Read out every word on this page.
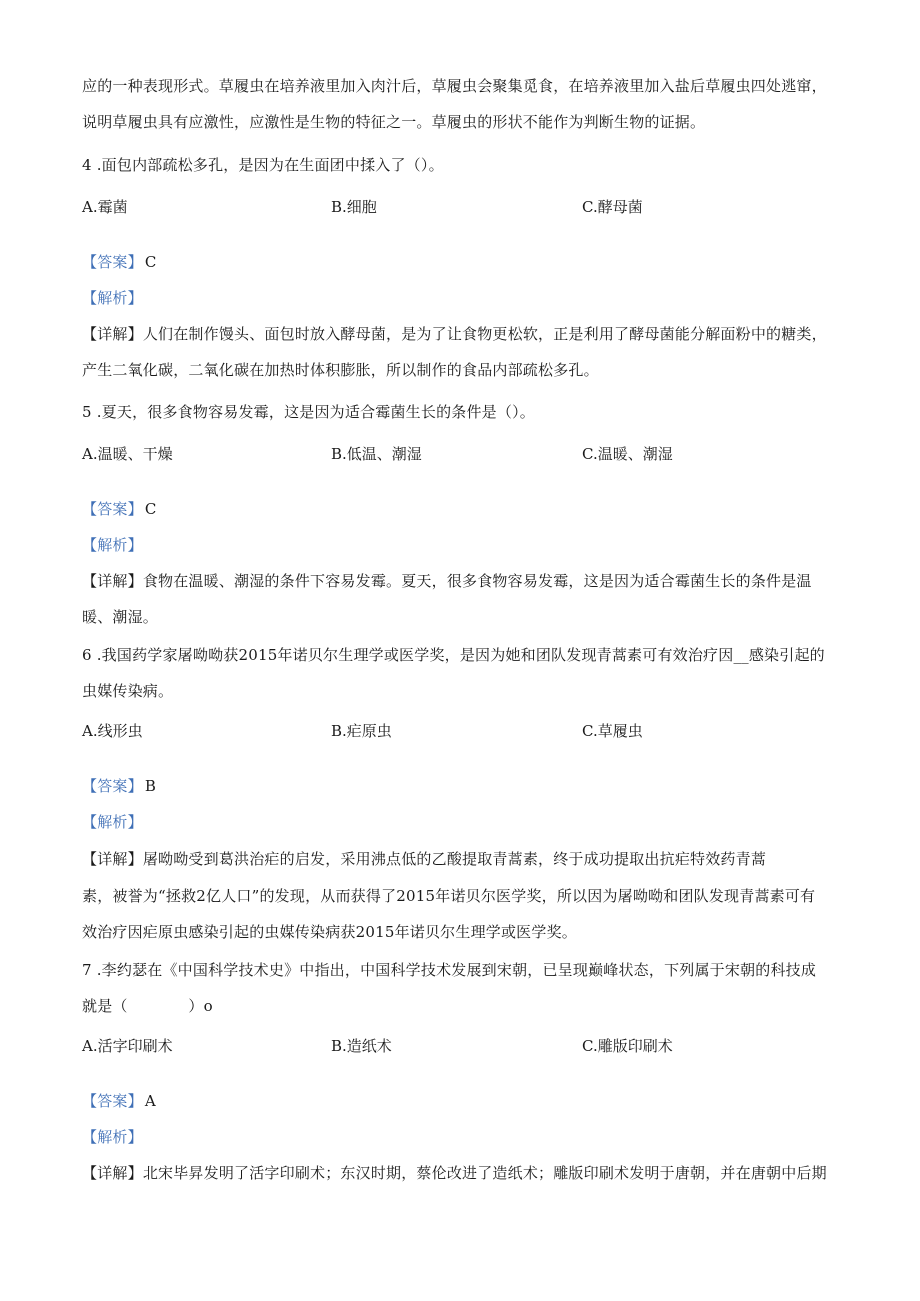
应的一种表现形式。草履虫在培养液里加入肉汁后，草履虫会聚集觅食，在培养液里加入盐后草履虫四处逃窜，
说明草履虫具有应激性，应激性是生物的特征之一。草履虫的形状不能作为判断生物的证据。
4 .面包内部疏松多孔，是因为在生面团中揉入了（）。
A.霉菌	B.细胞	C.酵母菌
【答案】 C
【解析】
【详解】人们在制作馒头、面包时放入酵母菌，是为了让食物更松软，正是利用了酵母菌能分解面粉中的糖类，
产生二氧化碳，二氧化碳在加热时体积膨胀，所以制作的食品内部疏松多孔。
5 .夏天，很多食物容易发霉，这是因为适合霉菌生长的条件是（）。
A.温暖、干燥	B.低温、潮湿	C.温暖、潮湿
【答案】 C
【解析】
【详解】食物在温暖、潮湿的条件下容易发霉。夏天，很多食物容易发霉，这是因为适合霉菌生长的条件是温
暖、潮湿。
6 .我国药学家屠呦呦获2015年诺贝尔生理学或医学奖，是因为她和团队发现青蒿素可有效治疗因__感染引起的
虫媒传染病。
A.线形虫	B.疟原虫	C.草履虫
【答案】 B
【解析】
【详解】屠呦呦受到葛洪治疟的启发，采用沸点低的乙酸提取青蒿素，终于成功提取出抗疟特效药青蒿
素，被誉为“拯救2亿人口”的发现，从而获得了2015年诺贝尔医学奖，所以因为屠呦呦和团队发现青蒿素可有
效治疗因疟原虫感染引起的虫媒传染病获2015年诺贝尔生理学或医学奖。
7 .李约瑟在《中国科学技术史》中指出，中国科学技术发展到宋朝，已呈现巅峰状态，下列属于宋朝的科技成
就是（　　　　）o
A.活字印刷术	B.造纸术	C.雕版印刷术
【答案】 A
【解析】
【详解】北宋毕昇发明了活字印刷术；东汉时期，蔡伦改进了造纸术；雕版印刷术发明于唐朝，并在唐朝中后期
